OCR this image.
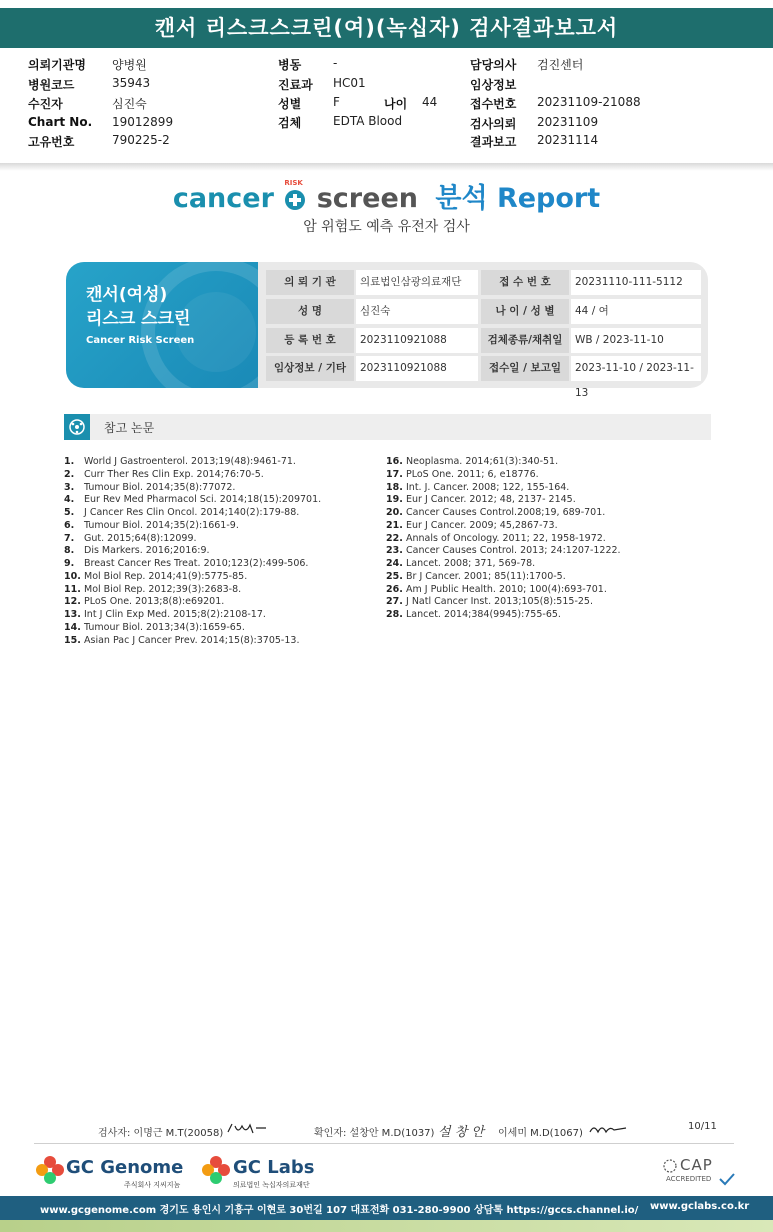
캔서 리스크스크린(여)(녹십자) 검사결과보고서
의뢰기관명 양병원
병원코드	35943
수진자	심진숙
Chart No. 19012899
고유번호	790225-2
병동	-
진료과 HC01
성별	F	나이 44
검체	EDTA Blood
담당의사 검진센터
임상정보
접수번호 20231109-21088
검사의뢰 20231109
결과보고 20231114
cancer
RISK
screen 분석 Report
암 위험도 예측 유전자 검사
캔서(여성)
리스크 스크린
Cancer Risk Screen
의 뢰 기 관	의료법인삼광의료재단	접 수 번 호	20231110-111-5112
성 명	심진숙	나 이 / 성 별	44 / 여
등 록 번 호	2023110921088	검체종류/채취일	WB / 2023-11-10
임상정보 / 기타	2023110921088	접수일 / 보고일	2023-11-10 / 2023-11-13
참고 논문
1. World J Gastroenterol. 2013;19(48):9461-71.
2. Curr Ther Res Clin Exp. 2014;76:70-5.
3. Tumour Biol. 2014;35(8):77072.
4. Eur Rev Med Pharmacol Sci. 2014;18(15):209701.
5. J Cancer Res Clin Oncol. 2014;140(2):179-88.
6. Tumour Biol. 2014;35(2):1661-9.
7. Gut. 2015;64(8):12099.
8. Dis Markers. 2016;2016:9.
9. Breast Cancer Res Treat. 2010;123(2):499-506.
10. Mol Biol Rep. 2014;41(9):5775-85.
11. Mol Biol Rep. 2012;39(3):2683-8.
12. PLoS One. 2013;8(8):e69201.
13. Int J Clin Exp Med. 2015;8(2):2108-17.
14. Tumour Biol. 2013;34(3):1659-65.
15. Asian Pac J Cancer Prev. 2014;15(8):3705-13.
16. Neoplasma. 2014;61(3):340-51.
17. PLoS One. 2011; 6, e18776.
18. Int. J. Cancer. 2008; 122, 155-164.
19. Eur J Cancer. 2012; 48, 2137- 2145.
20. Cancer Causes Control.2008;19, 689-701.
21. Eur J Cancer. 2009; 45,2867-73.
22. Annals of Oncology. 2011; 22, 1958-1972.
23. Cancer Causes Control. 2013; 24:1207-1222.
24. Lancet. 2008; 371, 569-78.
25. Br J Cancer. 2001; 85(11):1700-5.
26. Am J Public Health. 2010; 100(4):693-701.
27. J Natl Cancer Inst. 2013;105(8):515-25.
28. Lancet. 2014;384(9945):755-65.
검사자: 이명근 M.T(20058)	확인자: 설창안 M.D(1037) 설 창 안 이세미 M.D(1067)
10/11
GC Genome
주식회사 지씨지놈
GC Labs
의료법인 녹십자의료재단
CAP
ACCREDITED
www.gcgenome.com 경기도 용인시 기흥구 이현로 30번길 107 대표전화 031-280-9900 상담톡 https://gccs.channel.io/ www.gclabs.co.kr
